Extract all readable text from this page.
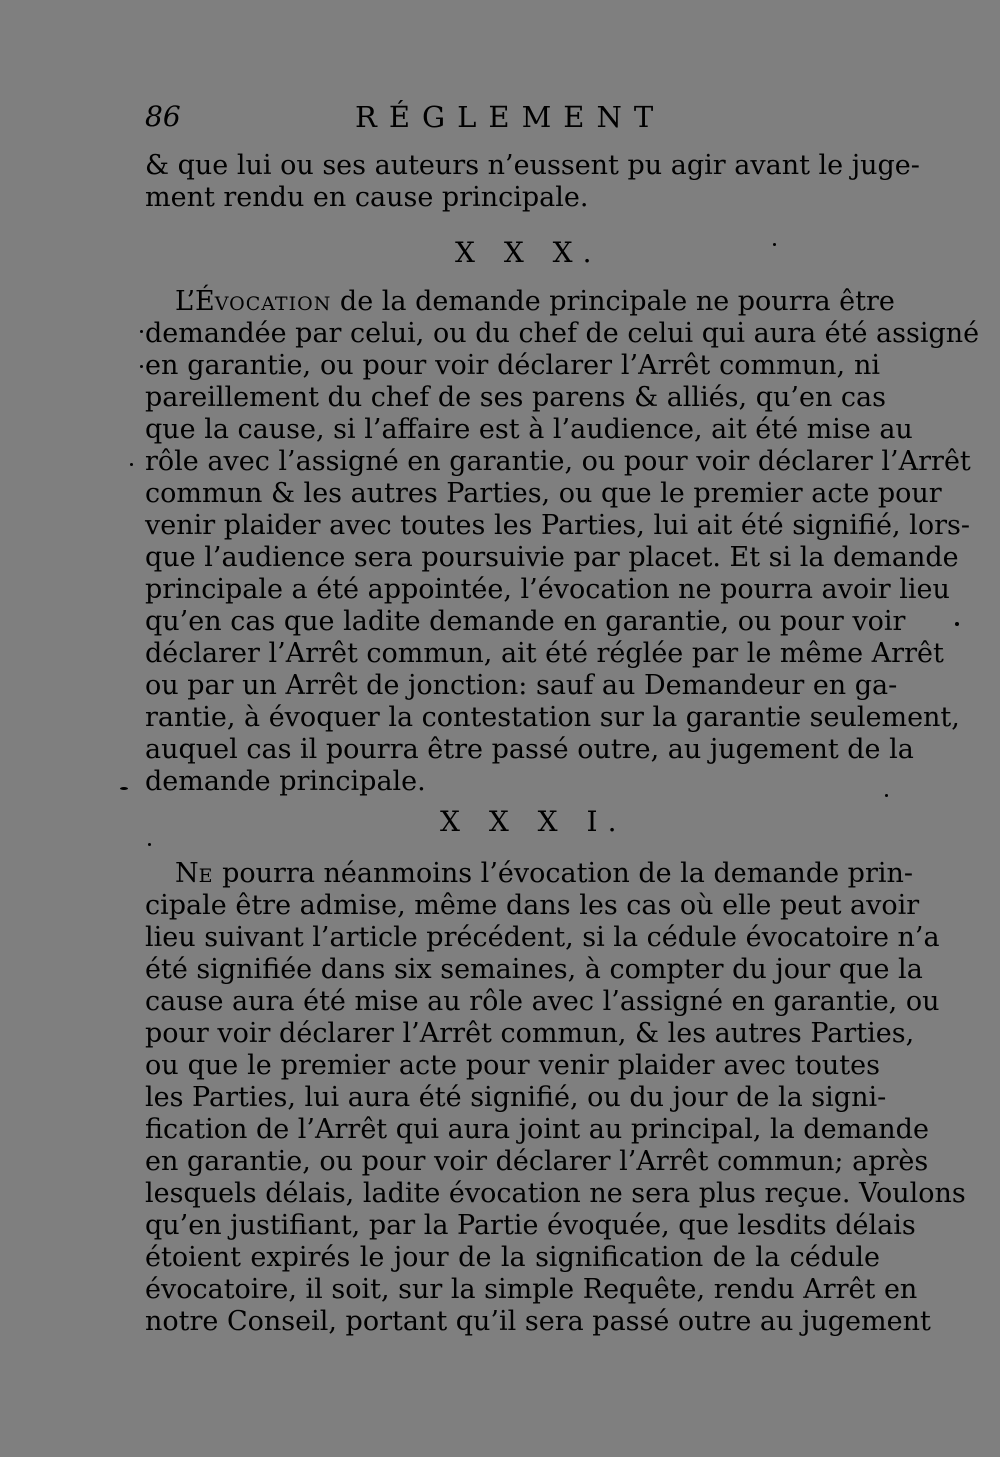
86	RÉGLEMENT
& que lui ou ses auteurs n’eussent pu agir avant le juge-
ment rendu en cause principale.
X X X.
L’ÉVOCATION de la demande principale ne pourra être
demandée par celui, ou du chef de celui qui aura été assigné
en garantie, ou pour voir déclarer l’Arrêt commun, ni
pareillement du chef de ses parens & alliés, qu’en cas
que la cause, si l’affaire est à l’audience, ait été mise au
rôle avec l’assigné en garantie, ou pour voir déclarer l’Arrêt
commun & les autres Parties, ou que le premier acte pour
venir plaider avec toutes les Parties, lui ait été signifié, lors-
que l’audience sera poursuivie par placet. Et si la demande
principale a été appointée, l’évocation ne pourra avoir lieu
qu’en cas que ladite demande en garantie, ou pour voir
déclarer l’Arrêt commun, ait été réglée par le même Arrêt
ou par un Arrêt de jonction: sauf au Demandeur en ga-
rantie, à évoquer la contestation sur la garantie seulement,
auquel cas il pourra être passé outre, au jugement de la
demande principale.
X X X I.
NE pourra néanmoins l’évocation de la demande prin-
cipale être admise, même dans les cas où elle peut avoir
lieu suivant l’article précédent, si la cédule évocatoire n’a
été signifiée dans six semaines, à compter du jour que la
cause aura été mise au rôle avec l’assigné en garantie, ou
pour voir déclarer l’Arrêt commun, & les autres Parties,
ou que le premier acte pour venir plaider avec toutes
les Parties, lui aura été signifié, ou du jour de la signi-
fication de l’Arrêt qui aura joint au principal, la demande
en garantie, ou pour voir déclarer l’Arrêt commun; après
lesquels délais, ladite évocation ne sera plus reçue. Voulons
qu’en justifiant, par la Partie évoquée, que lesdits délais
étoient expirés le jour de la signification de la cédule
évocatoire, il soit, sur la simple Requête, rendu Arrêt en
notre Conseil, portant qu’il sera passé outre au jugement
